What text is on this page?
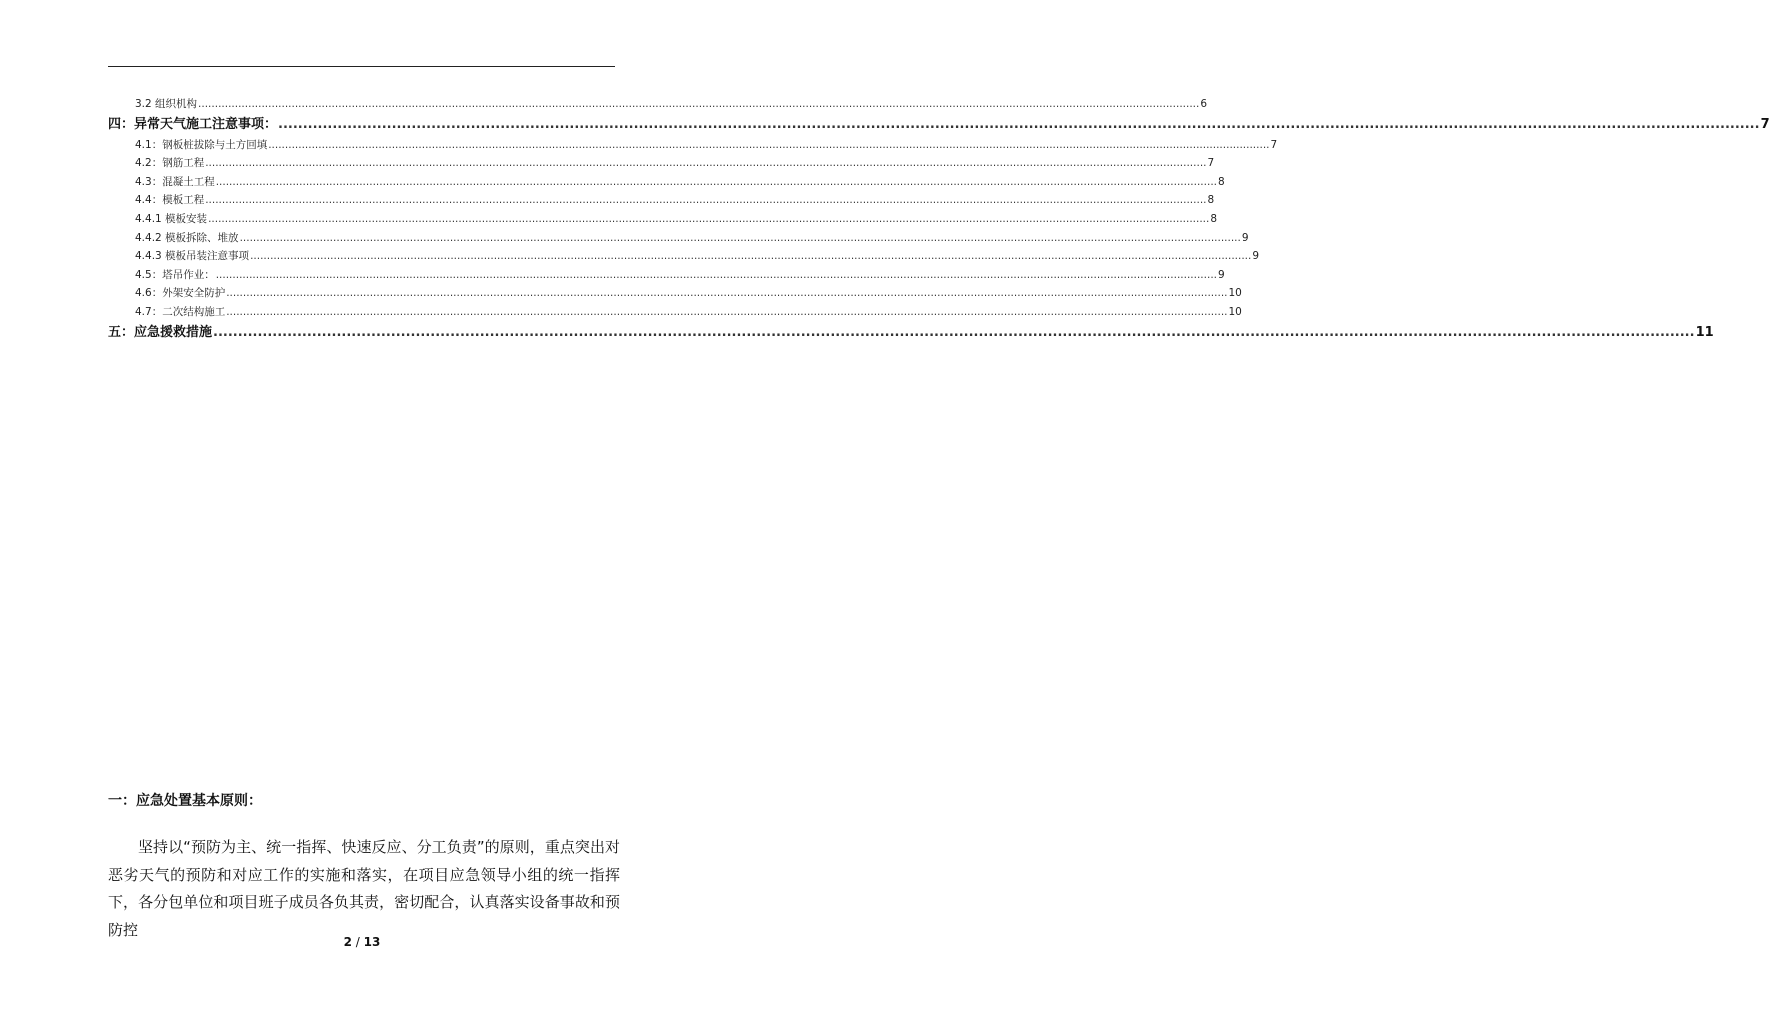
3.2 组织机构 ............................................................................................................................................................................................................................................................................................................ 6
四：异常天气施工注意事项： ............................................................................................................................................................................................................................................................................................................ 7
4.1：钢板桩拔除与土方回填 ............................................................................................................................................................................................................................................................................................................ 7
4.2：钢筋工程 ............................................................................................................................................................................................................................................................................................................ 7
4.3：混凝土工程 ............................................................................................................................................................................................................................................................................................................ 8
4.4：模板工程 ............................................................................................................................................................................................................................................................................................................ 8
4.4.1 模板安装 ............................................................................................................................................................................................................................................................................................................ 8
4.4.2 模板拆除、堆放 ............................................................................................................................................................................................................................................................................................................ 9
4.4.3 模板吊装注意事项 ............................................................................................................................................................................................................................................................................................................ 9
4.5：塔吊作业： ............................................................................................................................................................................................................................................................................................................ 9
4.6：外架安全防护 ............................................................................................................................................................................................................................................................................................................ 10
4.7：二次结构施工 ............................................................................................................................................................................................................................................................................................................ 10
五：应急援救措施 ............................................................................................................................................................................................................................................................................................................ 11
一：应急处置基本原则：
坚持以“预防为主、统一指挥、快速反应、分工负责”的原则，重点突出对恶劣天气的预防和对应工作的实施和落实，在项目应急领导小组的统一指挥下，各分包单位和项目班子成员各负其责，密切配合，认真落实设备事故和预防控
2 / 13
